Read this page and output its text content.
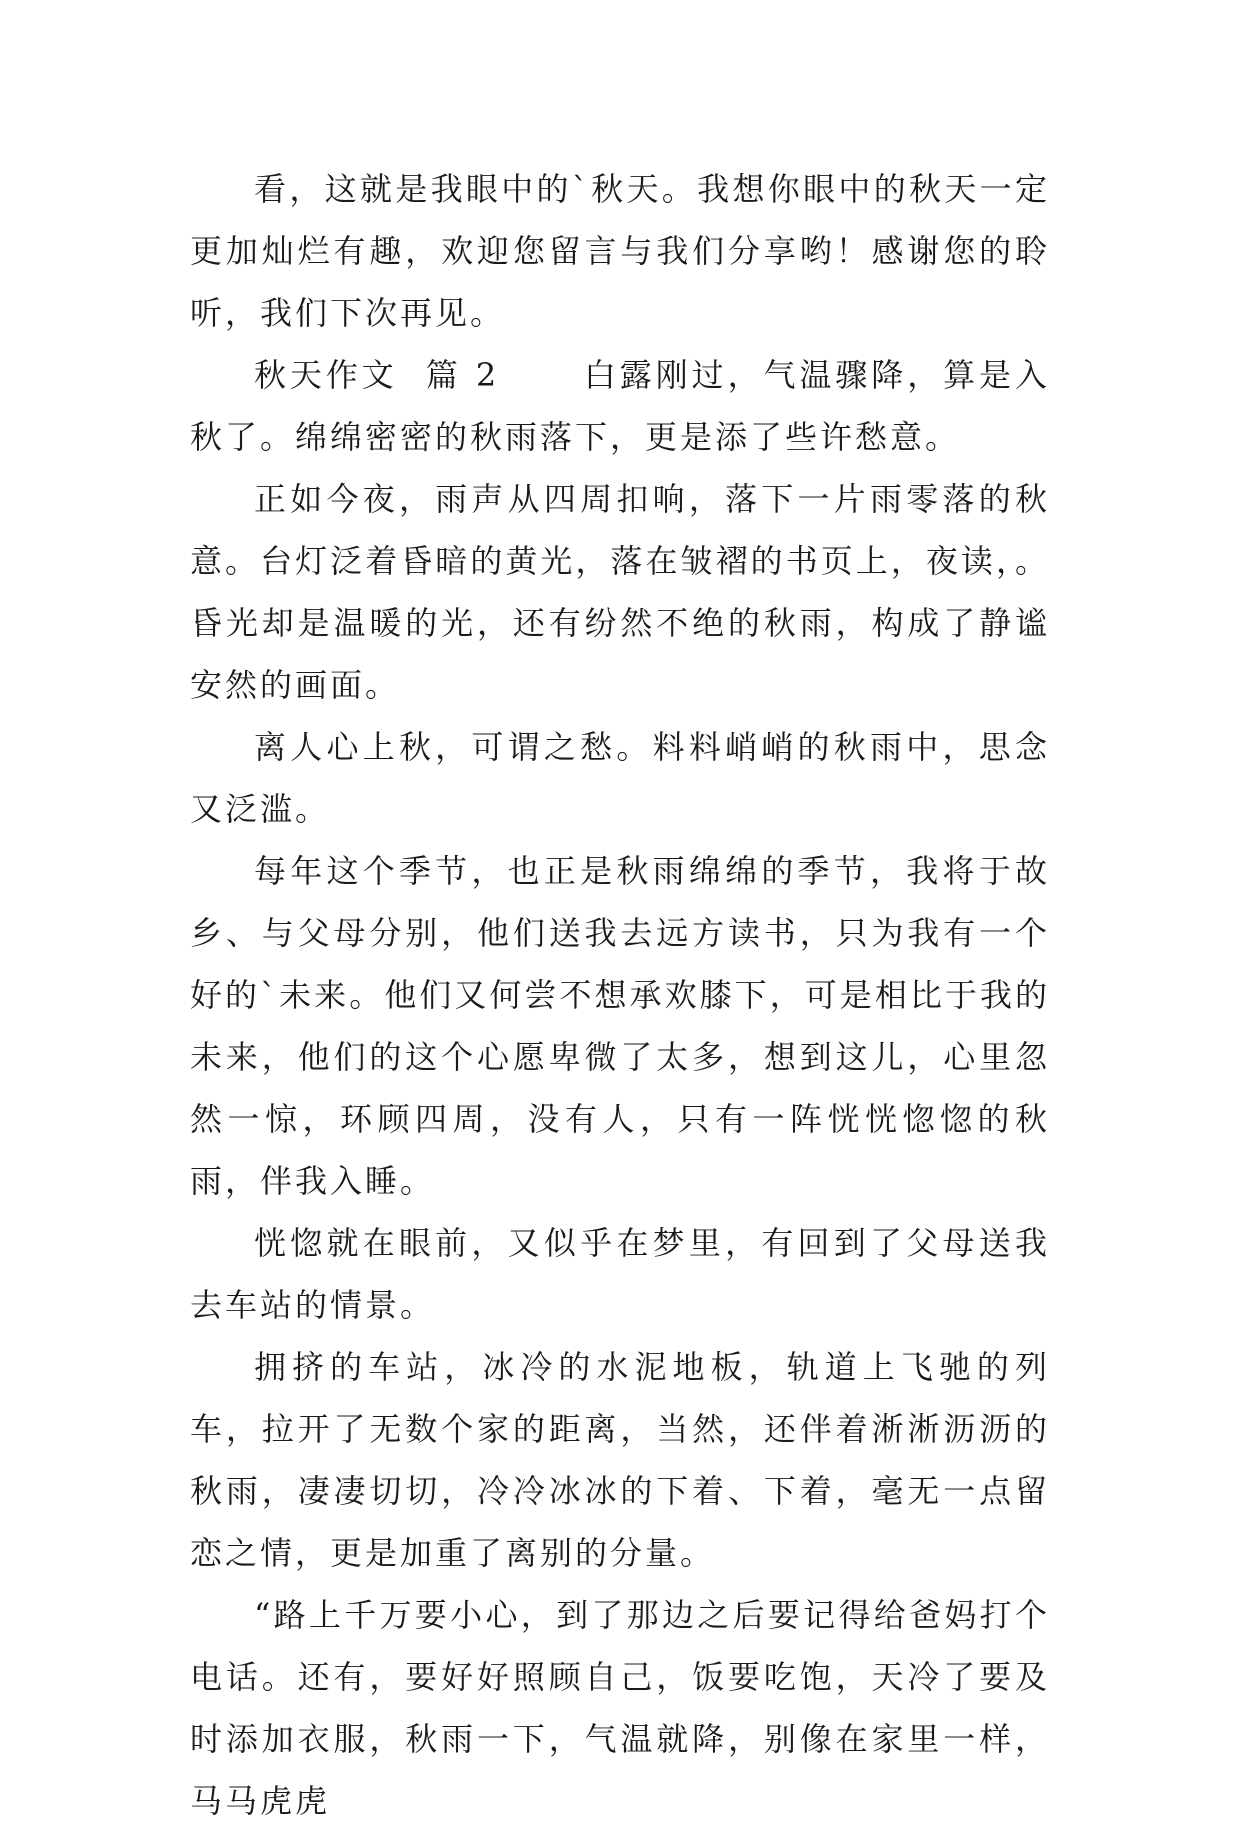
看，这就是我眼中的`秋天。我想你眼中的秋天一定更加灿烂有趣，欢迎您留言与我们分享哟！感谢您的聆听，我们下次再见。

秋天作文  篇 2      白露刚过，气温骤降，算是入秋了。绵绵密密的秋雨落下，更是添了些许愁意。

正如今夜，雨声从四周扣响，落下一片雨零落的秋意。台灯泛着昏暗的黄光，落在皱褶的书页上，夜读，。昏光却是温暖的光，还有纷然不绝的秋雨，构成了静谧安然的画面。

离人心上秋，可谓之愁。料料峭峭的秋雨中，思念又泛滥。

每年这个季节，也正是秋雨绵绵的季节，我将于故乡、与父母分别，他们送我去远方读书，只为我有一个好的`未来。他们又何尝不想承欢膝下，可是相比于我的未来，他们的这个心愿卑微了太多，想到这儿，心里忽然一惊，环顾四周，没有人，只有一阵恍恍惚惚的秋雨，伴我入睡。

恍惚就在眼前，又似乎在梦里，有回到了父母送我去车站的情景。

拥挤的车站，冰冷的水泥地板，轨道上飞驰的列车，拉开了无数个家的距离，当然，还伴着淅淅沥沥的秋雨，凄凄切切，冷冷冰冰的下着、下着，毫无一点留恋之情，更是加重了离别的分量。

“路上千万要小心，到了那边之后要记得给爸妈打个电话。还有，要好好照顾自己，饭要吃饱，天冷了要及时添加衣服，秋雨一下，气温就降，别像在家里一样，马马虎虎
